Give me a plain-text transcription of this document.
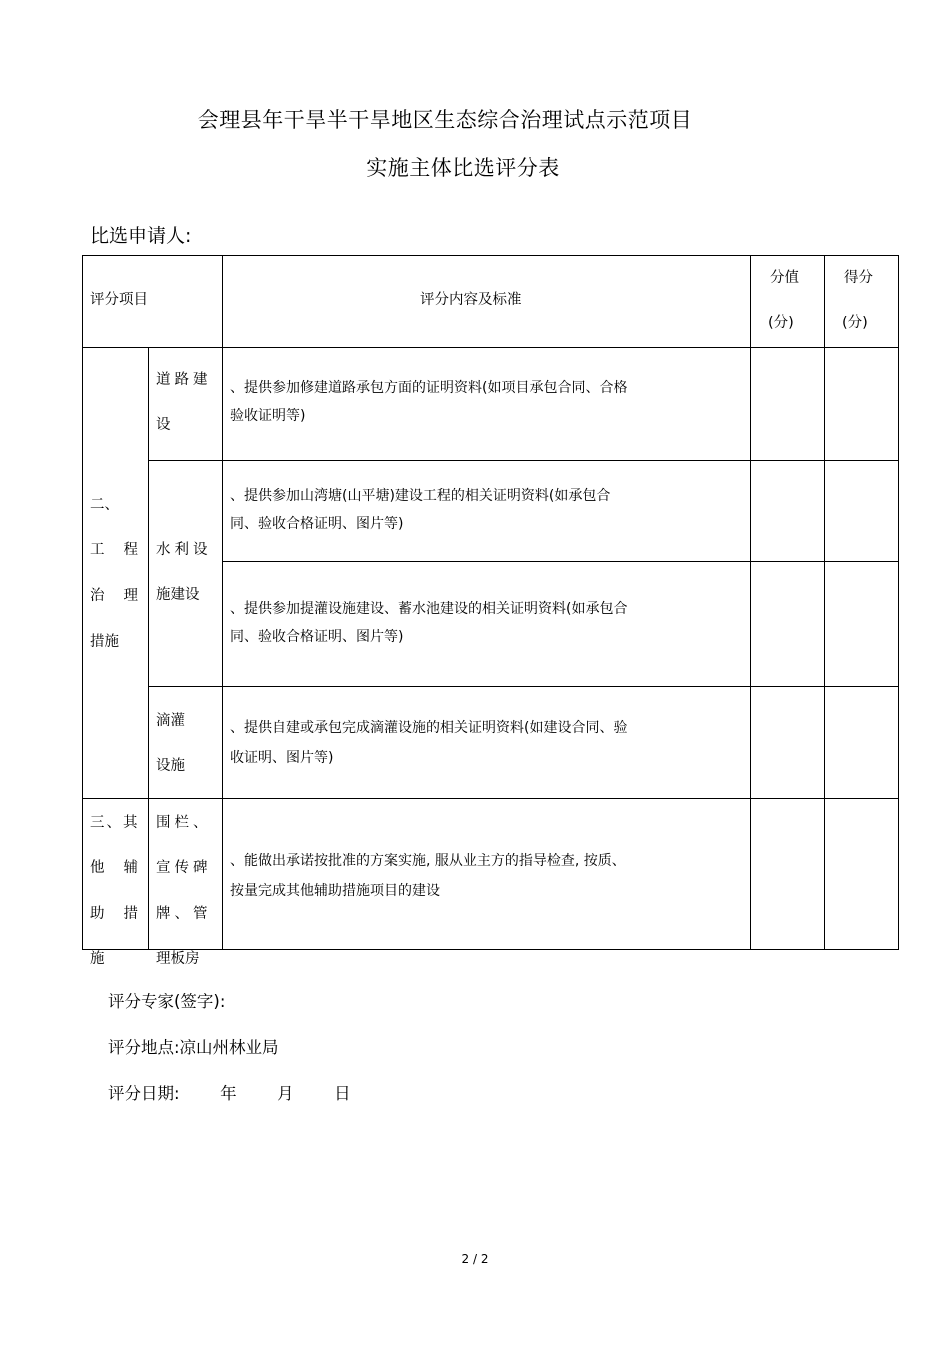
会理县年干旱半干旱地区生态综合治理试点示范项目
实施主体比选评分表
比选申请人:
评分项目	评分内容及标准
分值
(分)
得分
(分)
二、
工 程
治 理
措施
道路建
设
、提供参加修建道路承包方面的证明资料(如项目承包合同、合格
验收证明等)
水利设
施建设
、提供参加山湾塘(山平塘)建设工程的相关证明资料(如承包合
同、验收合格证明、图片等)
、提供参加提灌设施建设、蓄水池建设的相关证明资料(如承包合
同、验收合格证明、图片等)
滴灌
设施
、提供自建或承包完成滴灌设施的相关证明资料(如建设合同、验
收证明、图片等)
三、其
他 辅
助 措
施
围栏、
宣传碑
牌、管
理板房
、能做出承诺按批准的方案实施, 服从业主方的指导检查, 按质、
按量完成其他辅助措施项目的建设
评分专家(签字):
评分地点:凉山州林业局
评分日期: 年 月 日
2 / 2
